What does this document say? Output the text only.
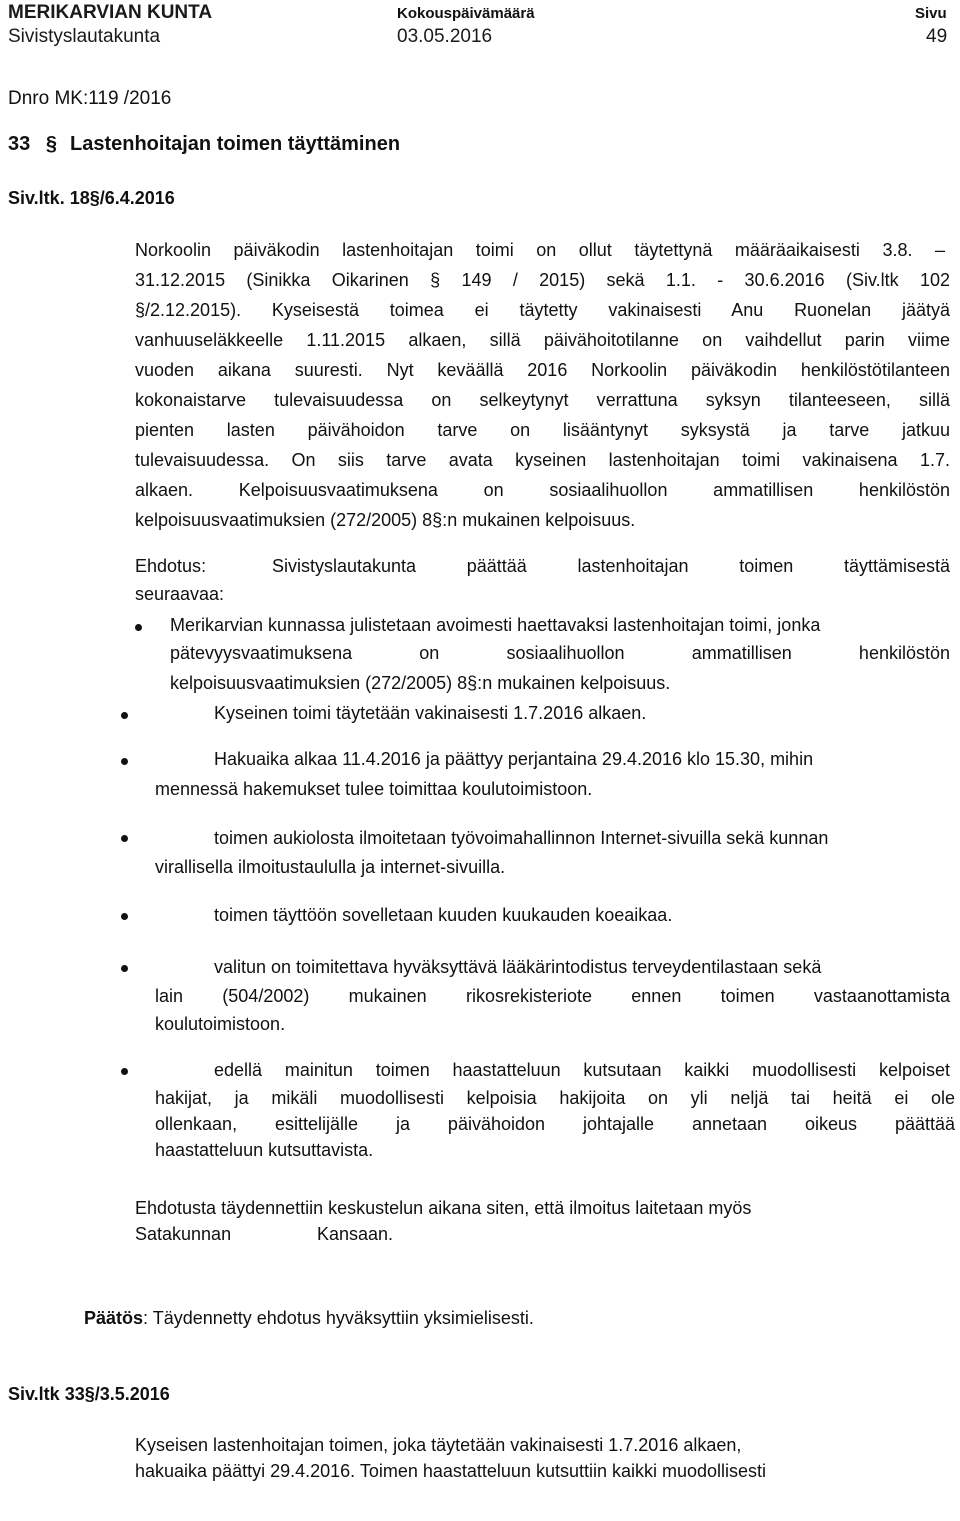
MERIKARVIAN KUNTA	Kokouspäivämäärä	Sivu
Sivistyslautakunta	03.05.2016	49
Dnro MK:119 /2016
33 § Lastenhoitajan toimen täyttäminen
Siv.ltk. 18§/6.4.2016
Norkoolin päiväkodin lastenhoitajan toimi on ollut täytettynä määräaikaisesti 3.8. –
31.12.2015 (Sinikka Oikarinen § 149 / 2015) sekä 1.1. - 30.6.2016 (Siv.ltk 102
§/2.12.2015). Kyseisestä toimea ei täytetty vakinaisesti Anu Ruonelan jäätyä
vanhuuseläkkeelle 1.11.2015 alkaen, sillä päivähoitotilanne on vaihdellut parin viime
vuoden aikana suuresti. Nyt keväällä 2016 Norkoolin päiväkodin henkilöstötilanteen
kokonaistarve tulevaisuudessa on selkeytynyt verrattuna syksyn tilanteeseen, sillä
pienten lasten päivähoidon tarve on lisääntynyt syksystä ja tarve jatkuu
tulevaisuudessa. On siis tarve avata kyseinen lastenhoitajan toimi vakinaisena 1.7.
alkaen. Kelpoisuusvaatimuksena on sosiaalihuollon ammatillisen henkilöstön
kelpoisuusvaatimuksien (272/2005) 8§:n mukainen kelpoisuus.
Ehdotus:	Sivistyslautakunta päättää lastenhoitajan toimen täyttämisestä
seuraavaa:
Merikarvian kunnassa julistetaan avoimesti haettavaksi lastenhoitajan toimi, jonka
pätevyysvaatimuksena on sosiaalihuollon ammatillisen henkilöstön
kelpoisuusvaatimuksien (272/2005) 8§:n mukainen kelpoisuus.
Kyseinen toimi täytetään vakinaisesti 1.7.2016 alkaen.
Hakuaika alkaa 11.4.2016 ja päättyy perjantaina 29.4.2016 klo 15.30, mihin
mennessä hakemukset tulee toimittaa koulutoimistoon.
toimen aukiolosta ilmoitetaan työvoimahallinnon Internet-sivuilla sekä kunnan
virallisella ilmoitustaululla ja internet-sivuilla.
toimen täyttöön sovelletaan kuuden kuukauden koeaikaa.
valitun on toimitettava hyväksyttävä lääkärintodistus terveydentilastaan sekä
lain (504/2002) mukainen rikosrekisteriote ennen toimen vastaanottamista
koulutoimistoon.
edellä mainitun toimen haastatteluun kutsutaan kaikki muodollisesti kelpoiset
hakijat, ja mikäli muodollisesti kelpoisia hakijoita on yli neljä tai heitä ei ole
ollenkaan, esittelijälle ja päivähoidon johtajalle annetaan oikeus päättää
haastatteluun kutsuttavista.
Ehdotusta täydennettiin keskustelun aikana siten, että ilmoitus laitetaan myös
Satakunnan	Kansaan.
Päätös: Täydennetty ehdotus hyväksyttiin yksimielisesti.
Siv.ltk 33§/3.5.2016
Kyseisen lastenhoitajan toimen, joka täytetään vakinaisesti 1.7.2016 alkaen,
hakuaika päättyi 29.4.2016. Toimen haastatteluun kutsuttiin kaikki muodollisesti
